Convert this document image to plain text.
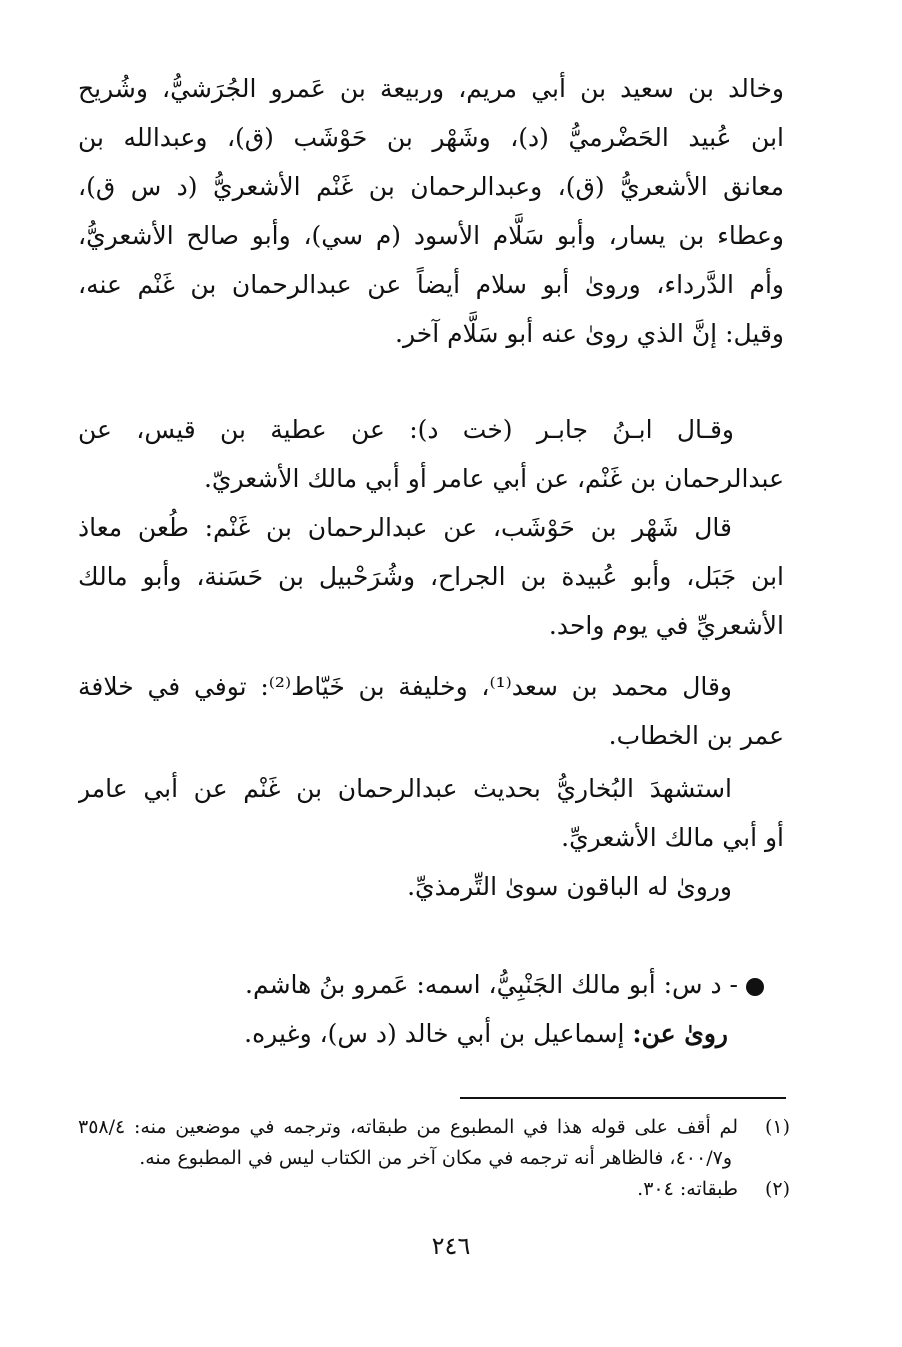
وخالد بن سعيد بن أبي مريم، وربيعة بن عَمرو الجُرَشيُّ، وشُريح
ابن عُبيد الحَضْرميُّ (د)، وشَهْر بن حَوْشَب (ق)، وعبدالله بن
معانق الأشعريُّ (ق)، وعبدالرحمان بن غَنْم الأشعريُّ (د س ق)،
وعطاء بن يسار، وأبو سَلَّام الأسود (م سي)، وأبو صالح الأشعريُّ،
وأم الدَّرداء، وروىٰ أبو سلام أيضاً عن عبدالرحمان بن غَنْم عنه،
وقيل: إنَّ الذي روىٰ عنه أبو سَلَّام آخر.
وقـال ابـنُ جابـر (خت د): عن عطية بن قيس، عن
عبدالرحمان بن غَنْم، عن أبي عامر أو أبي مالك الأشعريّ.
قال شَهْر بن حَوْشَب، عن عبدالرحمان بن غَنْم: طُعن معاذ
ابن جَبَل، وأبو عُبيدة بن الجراح، وشُرَحْبيل بن حَسَنة، وأبو مالك
الأشعريِّ في يوم واحد.
وقال محمد بن سعد⁽¹⁾، وخليفة بن خَيّاط⁽²⁾: توفي في خلافة
عمر بن الخطاب.
استشهدَ البُخاريُّ بحديث عبدالرحمان بن غَنْم عن أبي عامر
أو أبي مالك الأشعريِّ.
وروىٰ له الباقون سوىٰ التِّرمذيِّ.
- د س: أبو مالك الجَنْبِيُّ، اسمه: عَمرو بنُ هاشم.
روىٰ عن: إسماعيل بن أبي خالد (د س)، وغيره.
(١)لم أقف على قوله هذا في المطبوع من طبقاته، وترجمه في موضعين منه: ٣٥٨/٤
و٤٠٠/٧، فالظاهر أنه ترجمه في مكان آخر من الكتاب ليس في المطبوع منه.
(٢)طبقاته: ٣٠٤.
٢٤٦
